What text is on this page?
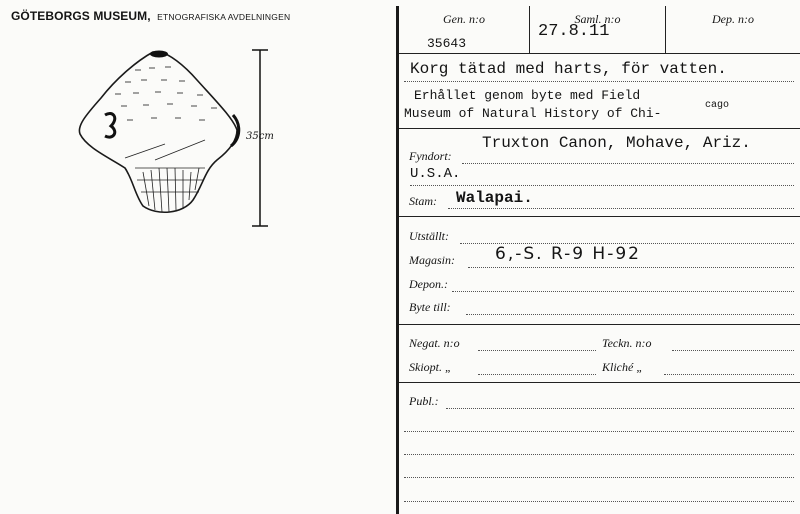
GÖTEBORGS MUSEUM, ETNOGRAFISKA AVDELNINGEN
35cm
Gen. n:o
35643
Saml. n:o
27.8.11
Dep. n:o
Korg tätad med harts, för vatten.
Erhållet genom byte med Field
Museum of Natural History of Chi-
cago
Fyndort:
Truxton Canon, Mohave, Ariz.
U.S.A.
Stam: Walapai.
Utställt:
Magasin: 6,-S. R-9 H-92
Depon.:
Byte till:
Negat. n:o	Teckn. n:o
Skiopt. „	Kliché „
Publ.:
